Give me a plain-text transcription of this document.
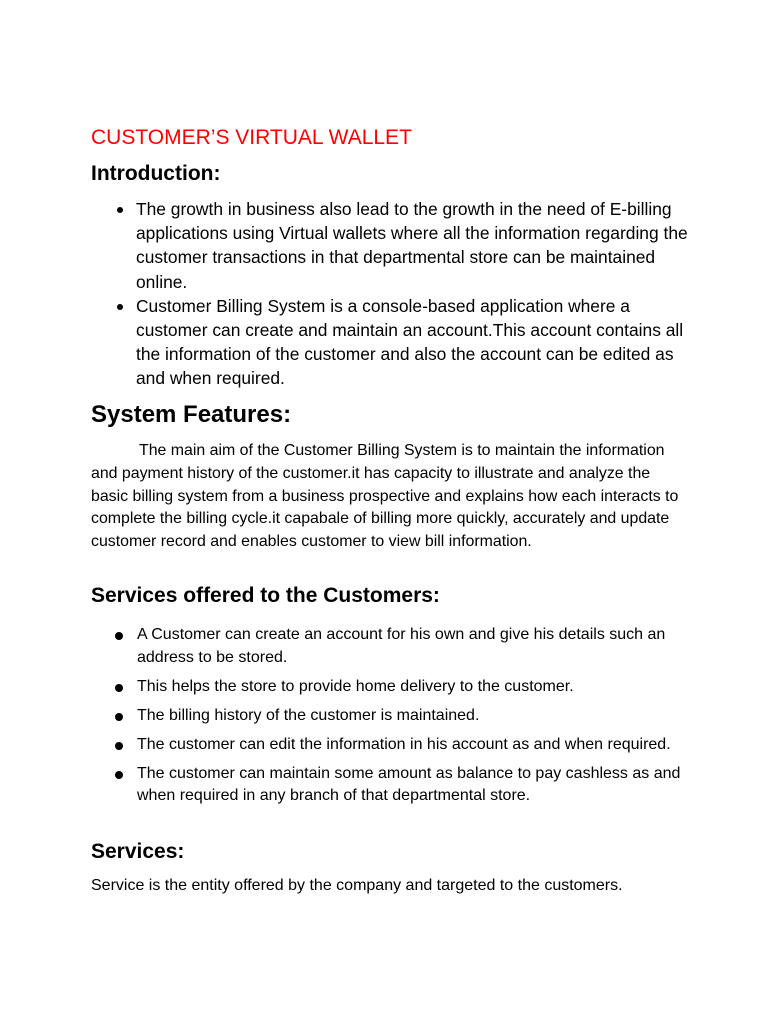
CUSTOMER’S VIRTUAL WALLET
Introduction:
The growth in business also lead to the growth in the need of E-billing applications using Virtual wallets where all the information regarding the customer transactions in that departmental store can be maintained online.
Customer Billing System is a console-based application where a customer can create and maintain an account.This account contains all the information of the customer and also the account can be edited as and when required.
System Features:

The main aim of the Customer Billing System is to maintain the information and payment history of the customer.it has capacity to illustrate and analyze the basic billing system from a business prospective and explains how each interacts to complete the billing cycle.it capabale of billing more quickly, accurately and update customer record and enables customer to view bill information.

Services offered to the Customers:
A Customer can create an account for his own and give his details such an address to be stored.
This helps the store to provide home delivery to the customer.
The billing history of the customer is maintained.
The customer can edit the information in his account as and when required.
The customer can maintain some amount as balance to pay cashless as and when required in any branch of that departmental store.
Services:

Service is the entity offered by the company and targeted to the customers.
